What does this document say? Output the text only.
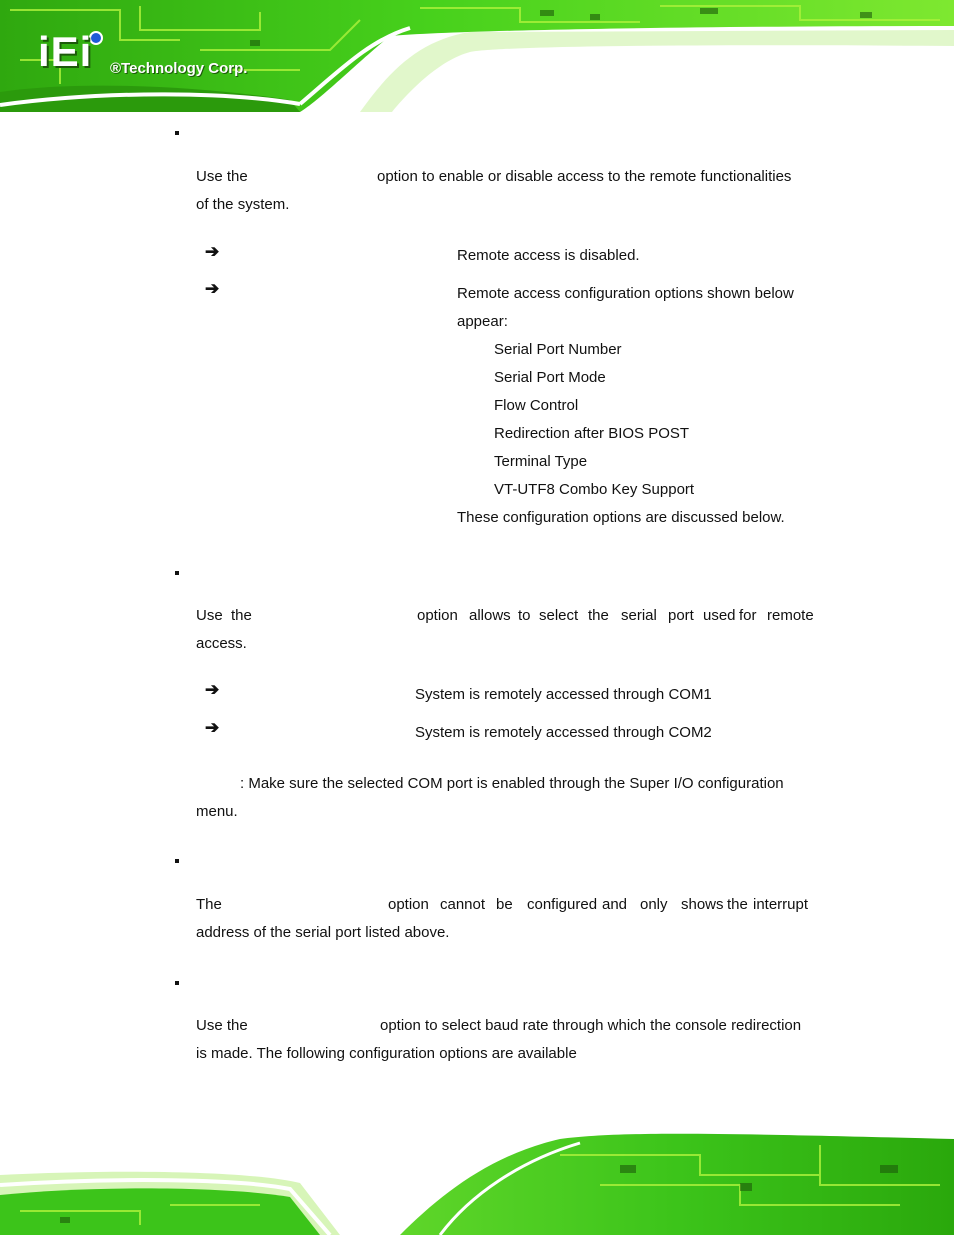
iEi ®Technology Corp.
Use the	option to enable or disable access to the remote functionalities
of the system.
➔	Remote access is disabled.
➔	Remote access configuration options shown below
appear:
Serial Port Number
Serial Port Mode
Flow Control
Redirection after BIOS POST
Terminal Type
VT-UTF8 Combo Key Support
These configuration options are discussed below.
Use the	option allows to select the serial port used for remote
access.
➔	System is remotely accessed through COM1
➔	System is remotely accessed through COM2
: Make sure the selected COM port is enabled through the Super I/O configuration
menu.
The	option cannot be configured and only shows the interrupt
address of the serial port listed above.
Use the	option to select baud rate through which the console redirection
is made. The following configuration options are available
